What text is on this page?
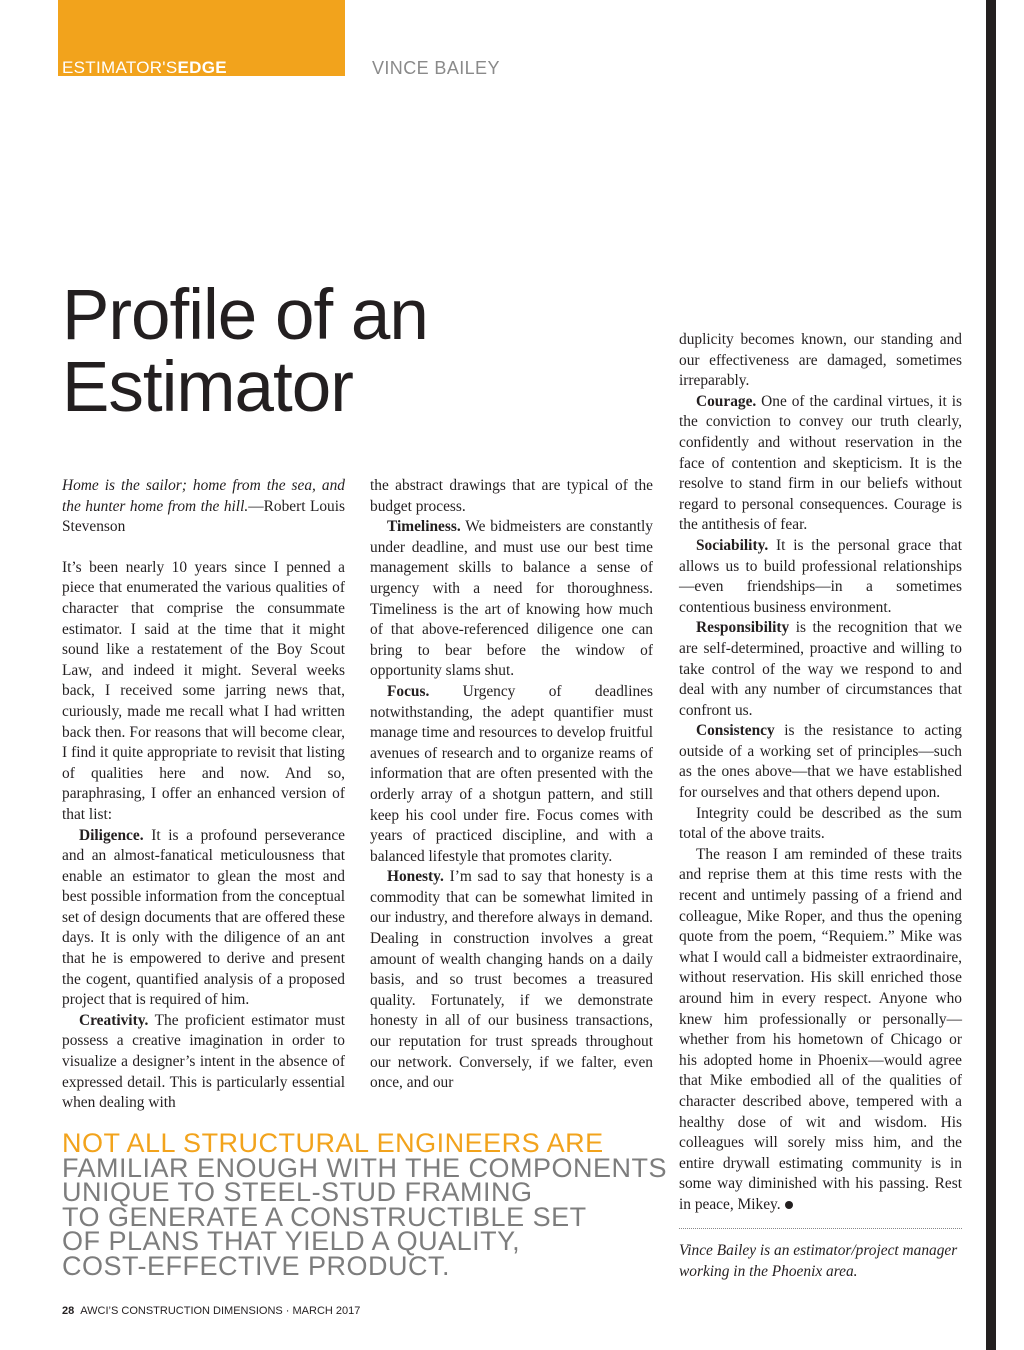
ESTIMATOR'SEDGE	VINCE BAILEY
Profile of an
Estimator

Home is the sailor; home from the sea, and the hunter home from the hill.—Robert Louis Stevenson

It’s been nearly 10 years since I penned a piece that enumerated the various qualities of character that comprise the consummate estimator. I said at the time that it might sound like a restatement of the Boy Scout Law, and indeed it might. Several weeks back, I received some jarring news that, curiously, made me recall what I had written back then. For reasons that will become clear, I find it quite appropriate to revisit that listing of qualities here and now. And so, paraphrasing, I offer an enhanced version of that list:

Diligence. It is a profound perseverance and an almost-fanatical meticulousness that enable an estimator to glean the most and best possible information from the conceptual set of design documents that are offered these days. It is only with the diligence of an ant that he is empowered to derive and present the cogent, quantified analysis of a proposed project that is required of him.

Creativity. The proficient estimator must possess a creative imagination in order to visualize a designer’s intent in the absence of expressed detail. This is particularly essential when dealing with

the abstract drawings that are typical of the budget process.

Timeliness. We bidmeisters are constantly under deadline, and must use our best time management skills to balance a sense of urgency with a need for thoroughness. Timeliness is the art of knowing how much of that above-referenced diligence one can bring to bear before the window of opportunity slams shut.

Focus. Urgency of deadlines notwithstanding, the adept quantifier must manage time and resources to develop fruitful avenues of research and to organize reams of information that are often presented with the orderly array of a shotgun pattern, and still keep his cool under fire. Focus comes with years of practiced discipline, and with a balanced lifestyle that promotes clarity.

Honesty. I’m sad to say that honesty is a commodity that can be somewhat limited in our industry, and therefore always in demand. Dealing in construction involves a great amount of wealth changing hands on a daily basis, and so trust becomes a treasured quality. Fortunately, if we demonstrate honesty in all of our business transactions, our reputation for trust spreads throughout our network. Conversely, if we falter, even once, and our

duplicity becomes known, our standing and our effectiveness are damaged, sometimes irreparably.

Courage. One of the cardinal virtues, it is the conviction to convey our truth clearly, confidently and without reservation in the face of contention and skepticism. It is the resolve to stand firm in our beliefs without regard to personal consequences. Courage is the antithesis of fear.

Sociability. It is the personal grace that allows us to build professional relationships—even friendships—in a sometimes contentious business environment.

Responsibility is the recognition that we are self-determined, proactive and willing to take control of the way we respond to and deal with any number of circumstances that confront us.

Consistency is the resistance to acting outside of a working set of principles—such as the ones above—that we have established for ourselves and that others depend upon.

Integrity could be described as the sum total of the above traits.

The reason I am reminded of these traits and reprise them at this time rests with the recent and untimely passing of a friend and colleague, Mike Roper, and thus the opening quote from the poem, “Requiem.” Mike was what I would call a bidmeister extraordinaire, without reservation. His skill enriched those around him in every respect. Anyone who knew him professionally or personally—whether from his hometown of Chicago or his adopted home in Phoenix—would agree that Mike embodied all of the qualities of character described above, tempered with a healthy dose of wit and wisdom. His colleagues will sorely miss him, and the entire drywall estimating community is in some way diminished with his passing. Rest in peace, Mikey.

Vince Bailey is an estimator/project manager working in the Phoenix area.
NOT ALL STRUCTURAL ENGINEERS ARE
FAMILIAR ENOUGH WITH THE COMPONENTS
UNIQUE TO STEEL-STUD FRAMING
TO GENERATE A CONSTRUCTIBLE SET
OF PLANS THAT YIELD A QUALITY,
COST-EFFECTIVE PRODUCT.
28 AWCI’S CONSTRUCTION DIMENSIONS · MARCH 2017
